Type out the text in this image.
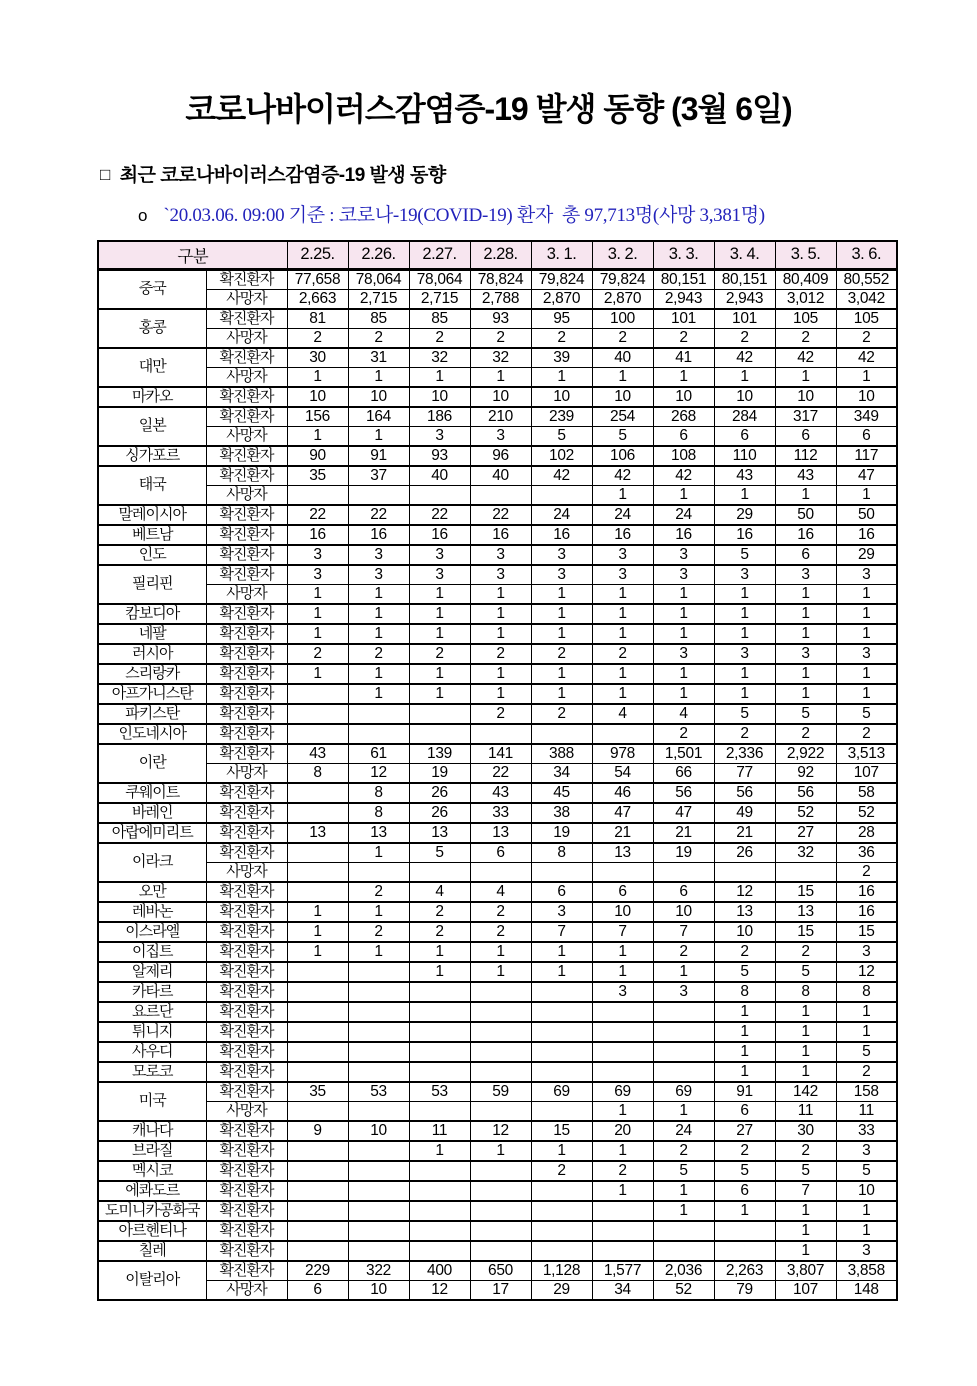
코로나바이러스감염증-19 발생 동향 (3월 6일)
□ 최근 코로나바이러스감염증-19 발생 동향
o `20.03.06. 09:00 기준 : 코로나-19(COVID-19) 환자  총 97,713명(사망 3,381명)
구분		2.25.	2.26.	2.27.	2.28.	3. 1.	3. 2.	3. 3.	3. 4.	3. 5.	3. 6.
중국	확진환자	77,658	78,064	78,064	78,824	79,824	79,824	80,151	80,151	80,409	80,552
	사망자	2,663	2,715	2,715	2,788	2,870	2,870	2,943	2,943	3,012	3,042
홍콩	확진환자	81	85	85	93	95	100	101	101	105	105
	사망자	2	2	2	2	2	2	2	2	2	2
대만	확진환자	30	31	32	32	39	40	41	42	42	42
	사망자	1	1	1	1	1	1	1	1	1	1
마카오	확진환자	10	10	10	10	10	10	10	10	10	10
일본	확진환자	156	164	186	210	239	254	268	284	317	349
	사망자	1	1	3	3	5	5	6	6	6	6
싱가포르	확진환자	90	91	93	96	102	106	108	110	112	117
태국	확진환자	35	37	40	40	42	42	42	43	43	47
	사망자						1	1	1	1	1
말레이시아	확진환자	22	22	22	22	24	24	24	29	50	50
베트남	확진환자	16	16	16	16	16	16	16	16	16	16
인도	확진환자	3	3	3	3	3	3	3	5	6	29
필리핀	확진환자	3	3	3	3	3	3	3	3	3	3
	사망자	1	1	1	1	1	1	1	1	1	1
캄보디아	확진환자	1	1	1	1	1	1	1	1	1	1
네팔	확진환자	1	1	1	1	1	1	1	1	1	1
러시아	확진환자	2	2	2	2	2	2	3	3	3	3
스리랑카	확진환자	1	1	1	1	1	1	1	1	1	1
아프가니스탄	확진환자		1	1	1	1	1	1	1	1	1
파키스탄	확진환자				2	2	4	4	5	5	5
인도네시아	확진환자							2	2	2	2
이란	확진환자	43	61	139	141	388	978	1,501	2,336	2,922	3,513
	사망자	8	12	19	22	34	54	66	77	92	107
쿠웨이트	확진환자		8	26	43	45	46	56	56	56	58
바레인	확진환자		8	26	33	38	47	47	49	52	52
아랍에미리트	확진환자	13	13	13	13	19	21	21	21	27	28
이라크	확진환자		1	5	6	8	13	19	26	32	36
	사망자										2
오만	확진환자		2	4	4	6	6	6	12	15	16
레바논	확진환자	1	1	2	2	3	10	10	13	13	16
이스라엘	확진환자	1	2	2	2	7	7	7	10	15	15
이집트	확진환자	1	1	1	1	1	1	2	2	2	3
알제리	확진환자			1	1	1	1	1	5	5	12
카타르	확진환자						3	3	8	8	8
요르단	확진환자								1	1	1
튀니지	확진환자								1	1	1
사우디	확진환자								1	1	5
모로코	확진환자								1	1	2
미국	확진환자	35	53	53	59	69	69	69	91	142	158
	사망자						1	1	6	11	11
캐나다	확진환자	9	10	11	12	15	20	24	27	30	33
브라질	확진환자			1	1	1	1	2	2	2	3
멕시코	확진환자					2	2	5	5	5	5
에콰도르	확진환자						1	1	6	7	10
도미니카공화국	확진환자							1	1	1	1
아르헨티나	확진환자									1	1
칠레	확진환자									1	3
이탈리아	확진환자	229	322	400	650	1,128	1,577	2,036	2,263	3,807	3,858
	사망자	6	10	12	17	29	34	52	79	107	148
